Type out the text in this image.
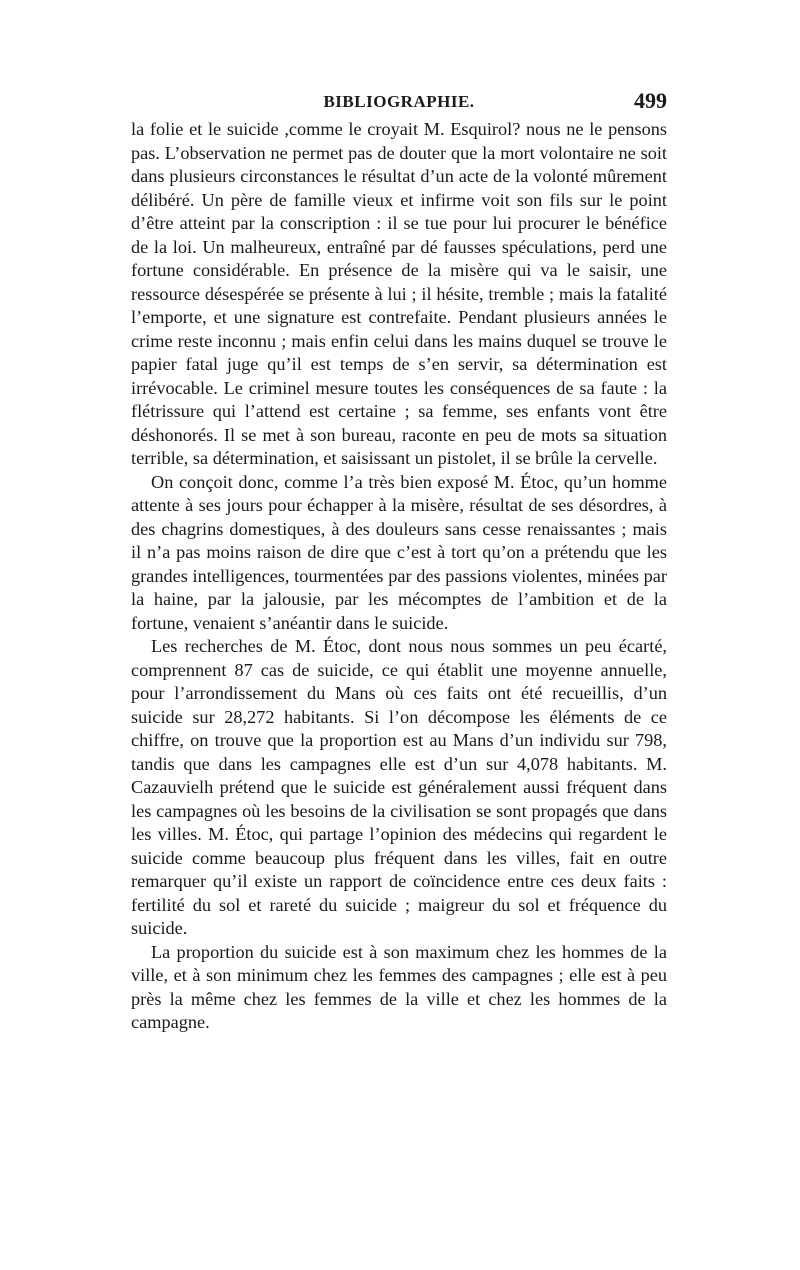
BIBLIOGRAPHIE.	499

la folie et le suicide ,comme le croyait M. Esquirol? nous ne le pensons pas. L’observation ne permet pas de douter que la mort volontaire ne soit dans plusieurs circonstances le résultat d’un acte de la volonté mûrement délibéré. Un père de famille vieux et infirme voit son fils sur le point d’être atteint par la conscription : il se tue pour lui procurer le bénéfice de la loi. Un malheureux, entraîné par dé fausses spéculations, perd une fortune considérable. En présence de la misère qui va le saisir, une ressource désespérée se présente à lui ; il hésite, tremble ; mais la fatalité l’emporte, et une signature est contrefaite. Pendant plusieurs années le crime reste inconnu ; mais enfin celui dans les mains duquel se trouve le papier fatal juge qu’il est temps de s’en servir, sa détermination est irrévocable. Le criminel mesure toutes les conséquences de sa faute : la flétrissure qui l’attend est certaine ; sa femme, ses enfants vont être déshonorés. Il se met à son bureau, raconte en peu de mots sa situation terrible, sa détermination, et saisissant un pistolet, il se brûle la cervelle.

On conçoit donc, comme l’a très bien exposé M. Étoc, qu’un homme attente à ses jours pour échapper à la misère, résultat de ses désordres, à des chagrins domestiques, à des douleurs sans cesse renaissantes ; mais il n’a pas moins raison de dire que c’est à tort qu’on a prétendu que les grandes intelligences, tourmentées par des passions violentes, minées par la haine, par la jalousie, par les mécomptes de l’ambition et de la fortune, venaient s’anéantir dans le suicide.

Les recherches de M. Étoc, dont nous nous sommes un peu écarté, comprennent 87 cas de suicide, ce qui établit une moyenne annuelle, pour l’arrondissement du Mans où ces faits ont été recueillis, d’un suicide sur 28,272 habitants. Si l’on décompose les éléments de ce chiffre, on trouve que la proportion est au Mans d’un individu sur 798, tandis que dans les campagnes elle est d’un sur 4,078 habitants. M. Cazauvielh prétend que le suicide est généralement aussi fréquent dans les campagnes où les besoins de la civilisation se sont propagés que dans les villes. M. Étoc, qui partage l’opinion des médecins qui regardent le suicide comme beaucoup plus fréquent dans les villes, fait en outre remarquer qu’il existe un rapport de coïncidence entre ces deux faits : fertilité du sol et rareté du suicide ; maigreur du sol et fréquence du suicide.

La proportion du suicide est à son maximum chez les hommes de la ville, et à son minimum chez les femmes des campagnes ; elle est à peu près la même chez les femmes de la ville et chez les hommes de la campagne.
